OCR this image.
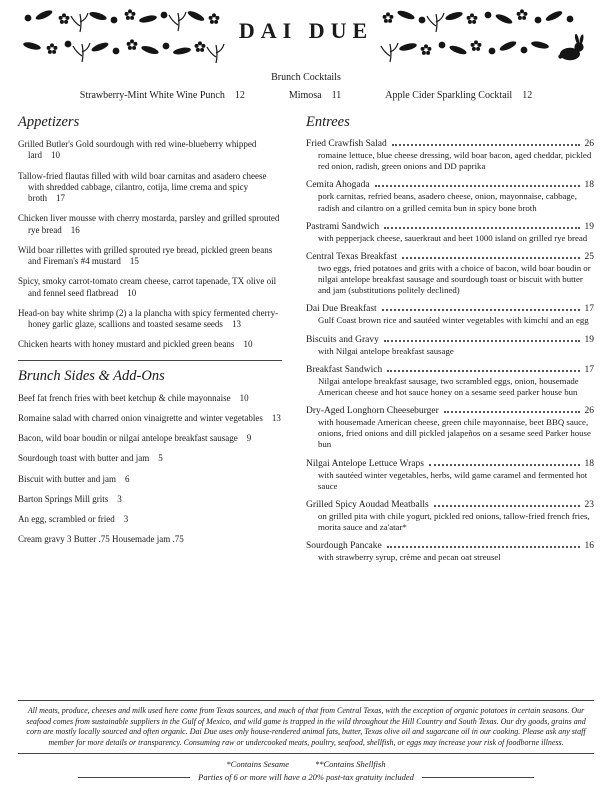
DAI DUE
Brunch Cocktails
Strawberry-Mint White Wine Punch 12	Mimosa 11	Apple Cider Sparkling Cocktail 12
Appetizers

Grilled Butler's Gold sourdough with red wine-blueberry whipped lard 10

Tallow-fried flautas filled with wild boar carnitas and asadero cheese with shredded cabbage, cilantro, cotija, lime crema and spicy broth 17

Chicken liver mousse with cherry mostarda, parsley and grilled sprouted rye bread 16

Wild boar rillettes with grilled sprouted rye bread, pickled green beans and Fireman's #4 mustard 15

Spicy, smoky carrot-tomato cream cheese, carrot tapenade, TX olive oil and fennel seed flatbread 10

Head-on bay white shrimp (2) a la plancha with spicy fermented cherry-honey garlic glaze, scallions and toasted sesame seeds 13

Chicken hearts with honey mustard and pickled green beans 10

Brunch Sides & Add-Ons

Beef fat french fries with beet ketchup & chile mayonnaise 10

Romaine salad with charred onion vinaigrette and winter vegetables 13

Bacon, wild boar boudin or nilgai antelope breakfast sausage 9

Sourdough toast with butter and jam 5

Biscuit with butter and jam 6

Barton Springs Mill grits 3

An egg, scrambled or fried 3

Cream gravy 3 Butter .75 Housemade jam .75

Entrees
Fried Crawfish Salad	26
romaine lettuce, blue cheese dressing, wild boar bacon, aged cheddar, pickled red onion, radish, green onions and DD paprika
Cemita Ahogada	18
pork carnitas, refried beans, asadero cheese, onion, mayonnaise, cabbage, radish and cilantro on a grilled cemita bun in spicy bone broth
Pastrami Sandwich	19
with pepperjack cheese, sauerkraut and beet 1000 island on grilled rye bread
Central Texas Breakfast	25
two eggs, fried potatoes and grits with a choice of bacon, wild boar boudin or nilgai antelope breakfast sausage and sourdough toast or biscuit with butter and jam (substitutions politely declined)
Dai Due Breakfast	17
Gulf Coast brown rice and sautéed winter vegetables with kimchi and an egg
Biscuits and Gravy	19
with Nilgai antelope breakfast sausage
Breakfast Sandwich	17
Nilgai antelope breakfast sausage, two scrambled eggs, onion, housemade American cheese and hot sauce honey on a sesame seed parker house bun
Dry-Aged Longhorn Cheeseburger	26
with housemade American cheese, green chile mayonnaise, beet BBQ sauce, onions, fried onions and dill pickled jalapeños on a sesame seed Parker house bun
Nilgai Antelope Lettuce Wraps	18
with sautéed winter vegetables, herbs, wild game caramel and fermented hot sauce
Grilled Spicy Aoudad Meatballs	23
on grilled pita with chile yogurt, pickled red onions, tallow-fried french fries, morita sauce and za'atar*
Sourdough Pancake	16
with strawberry syrup, crème and pecan oat streusel
All meats, produce, cheeses and milk used here come from Texas sources, and much of that from Central Texas, with the exception of organic potatoes in certain seasons. Our seafood comes from sustainable suppliers in the Gulf of Mexico, and wild game is trapped in the wild throughout the Hill Country and South Texas. Our dry goods, grains and corn are mostly locally sourced and often organic. Dai Due uses only house-rendered animal fats, butter, Texas olive oil and sugarcane oil in our cooking. Please ask any staff member for more details or transparency. Consuming raw or undercooked meats, poultry, seafood, shellfish, or eggs may increase your risk of foodborne illness.
*Contains Sesame	**Contains Shellfish
Parties of 6 or more will have a 20% post-tax gratuity included
